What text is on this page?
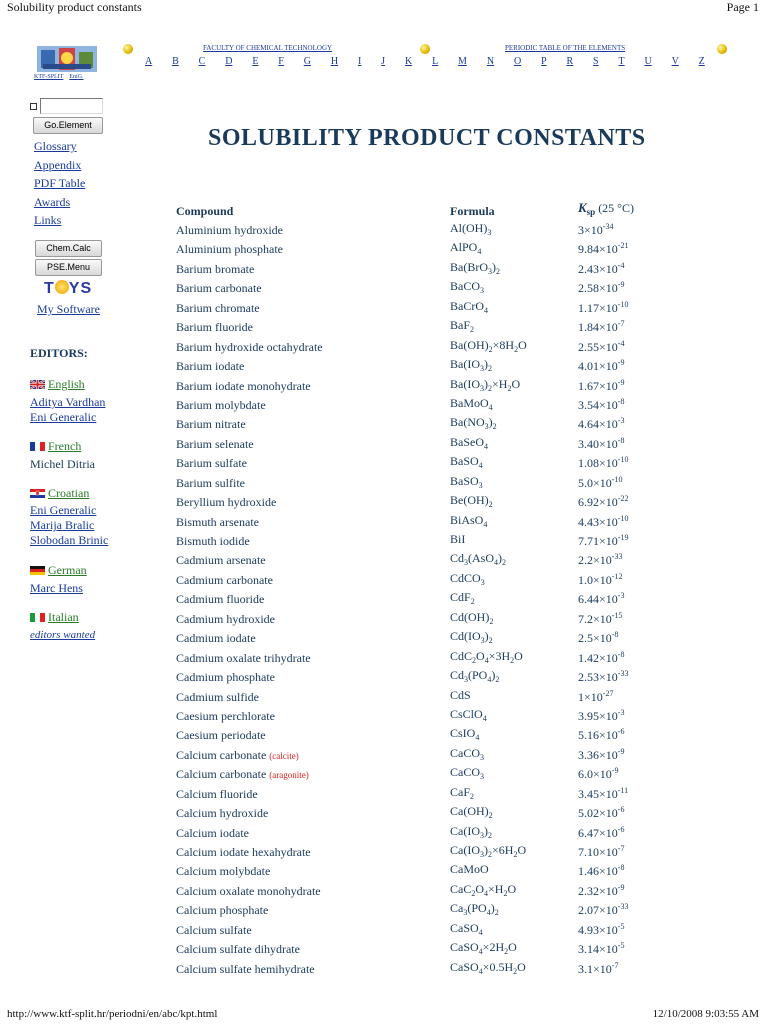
Solubility product constants	Page 1
http://www.ktf-split.hr/periodni/en/abc/kpt.html	12/10/2008 9:03:55 AM
KTF-SPLIT EniG.
FACULTY OF CHEMICAL TECHNOLOGY	PERIODIC TABLE OF THE ELEMENTS
A B C D E F G H I J K L M N O P R S T U V Z
Go.Element
Glossary
Appendix
PDF Table
Awards
Links
Chem.Calc
PSE.Menu
T YS
My Software
EDITORS:
English
Aditya Vardhan
Eni Generalic
French
Michel Ditria
Croatian
Eni Generalic
Marija Bralic
Slobodan Brinic
German
Marc Hens
Italian
editors wanted
SOLUBILITY PRODUCT CONSTANTS
Compound	Formula	$K_{sp}$ (25 °C)
Aluminium hydroxide	$Al(OH)_3$	$3\times 10^{-34}$
Aluminium phosphate	AlPO$_4$	$9.84\times 10^{-21}$
Barium bromate	$Ba(BrO_3)_2$	$2.43\times 10^{-4}$
Barium carbonate	BaCO$_3$	$2.58\times 10^{-9}$
Barium chromate	BaCrO$_4$	$1.17\times 10^{-10}$
Barium fluoride	BaF$_2$	$1.84\times 10^{-7}$
Barium hydroxide octahydrate	$Ba(OH)_2\times 8H_2O$	$2.55\times 10^{-4}$
Barium iodate	$Ba(IO_3)_2$	$4.01\times 10^{-9}$
Barium iodate monohydrate	$Ba(IO_3)_2\times H_2O$	$1.67\times 10^{-9}$
Barium molybdate	BaMoO$_4$	$3.54\times 10^{-8}$
Barium nitrate	$Ba(NO_3)_2$	$4.64\times 10^{-3}$
Barium selenate	BaSeO$_4$	$3.40\times 10^{-8}$
Barium sulfate	BaSO$_4$	$1.08\times 10^{-10}$
Barium sulfite	BaSO$_3$	$5.0\times 10^{-10}$
Beryllium hydroxide	$Be(OH)_2$	$6.92\times 10^{-22}$
Bismuth arsenate	BiAsO$_4$	$4.43\times 10^{-10}$
Bismuth iodide	BiI	$7.71\times 10^{-19}$
Cadmium arsenate	$Cd_3(AsO_4)_2$	$2.2\times 10^{-33}$
Cadmium carbonate	CdCO$_3$	$1.0\times 10^{-12}$
Cadmium fluoride	CdF$_2$	$6.44\times 10^{-3}$
Cadmium hydroxide	$Cd(OH)_2$	$7.2\times 10^{-15}$
Cadmium iodate	$Cd(IO_3)_2$	$2.5\times 10^{-8}$
Cadmium oxalate trihydrate	$CdC_2O_4\times 3H_2O$	$1.42\times 10^{-8}$
Cadmium phosphate	$Cd_3(PO_4)_2$	$2.53\times 10^{-33}$
Cadmium sulfide	CdS	$1\times 10^{-27}$
Caesium perchlorate	CsClO$_4$	$3.95\times 10^{-3}$
Caesium periodate	CsIO$_4$	$5.16\times 10^{-6}$
Calcium carbonate (calcite)	CaCO$_3$	$3.36\times 10^{-9}$
Calcium carbonate (aragonite)	CaCO$_3$	$6.0\times 10^{-9}$
Calcium fluoride	CaF$_2$	$3.45\times 10^{-11}$
Calcium hydroxide	$Ca(OH)_2$	$5.02\times 10^{-6}$
Calcium iodate	$Ca(IO_3)_2$	$6.47\times 10^{-6}$
Calcium iodate hexahydrate	$Ca(IO_3)_2\times 6H_2O$	$7.10\times 10^{-7}$
Calcium molybdate	CaMoO	$1.46\times 10^{-8}$
Calcium oxalate monohydrate	$CaC_2O_4\times H_2O$	$2.32\times 10^{-9}$
Calcium phosphate	$Ca_3(PO_4)_2$	$2.07\times 10^{-33}$
Calcium sulfate	CaSO$_4$	$4.93\times 10^{-5}$
Calcium sulfate dihydrate	$CaSO_4\times 2H_2O$	$3.14\times 10^{-5}$
Calcium sulfate hemihydrate	$CaSO_4\times 0.5H_2O$	$3.1\times 10^{-7}$
